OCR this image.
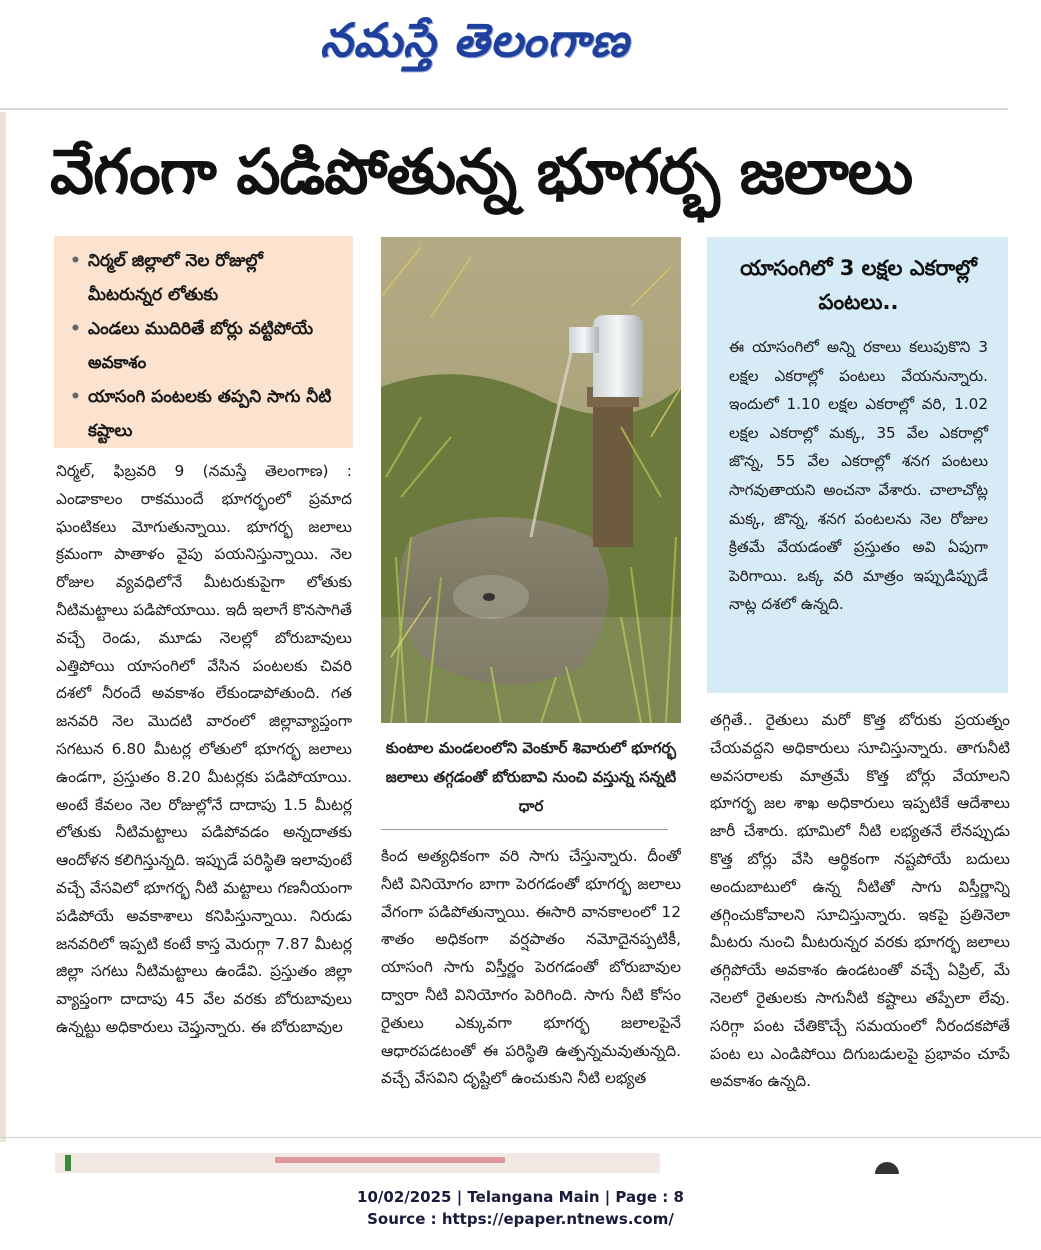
నమస్తే తెలంగాణ
వేగంగా పడిపోతున్న భూగర్భ జలాలు
• నిర్మల్ జిల్లాలో నెల రోజుల్లో మీటరున్నర లోతుకు
• ఎండలు ముదిరితే బోర్లు వట్టిపోయే అవకాశం
• యాసంగి పంటలకు తప్పని సాగు నీటి కష్టాలు
నిర్మల్, ఫిబ్రవరి 9 (నమస్తే తెలంగాణ) : ఎండాకాలం రాకముందే భూగర్భంలో ప్రమాద ఘంటికలు మోగుతున్నాయి. భూగర్భ జలాలు క్రమంగా పాతాళం వైపు పయనిస్తున్నాయి. నెల రోజుల వ్యవధిలోనే మీటరుకుపైగా లోతుకు నీటిమట్టాలు పడిపోయాయి. ఇదీ ఇలాగే కొనసాగితే వచ్చే రెండు, మూడు నెలల్లో బోరుబావులు ఎత్తిపోయి యాసంగిలో వేసిన పంటలకు చివరి దశలో నీరందే అవకాశం లేకుండాపోతుంది. గత జనవరి నెల మొదటి వారంలో జిల్లావ్యాప్తంగా సగటున 6.80 మీటర్ల లోతులో భూగర్భ జలాలు ఉండగా, ప్రస్తుతం 8.20 మీటర్లకు పడిపోయాయి. అంటే కేవలం నెల రోజుల్లోనే దాదాపు 1.5 మీటర్ల లోతుకు నీటిమట్టాలు పడిపోవడం అన్నదాతకు ఆందోళన కలిగిస్తున్నది. ఇప్పుడే పరిస్థితి ఇలావుంటే వచ్చే వేసవిలో భూగర్భ నీటి మట్టాలు గణనీయంగా పడిపోయే అవకాశాలు కనిపిస్తున్నాయి. నిరుడు జనవరిలో ఇప్పటి కంటే కాస్త మెరుగ్గా 7.87 మీటర్ల జిల్లా సగటు నీటిమట్టాలు ఉండేవి. ప్రస్తుతం జిల్లా వ్యాప్తంగా దాదాపు 45 వేల వరకు బోరుబావులు ఉన్నట్టు అధికారులు చెప్తున్నారు. ఈ బోరుబావుల
కుంటాల మండలంలోని వెంకూర్ శివారులో భూగర్భ జలాలు తగ్గడంతో బోరుబావి నుంచి వస్తున్న సన్నటి ధార
కింద అత్యధికంగా వరి సాగు చేస్తున్నారు. దీంతో నీటి వినియోగం బాగా పెరగడంతో భూగర్భ జలాలు వేగంగా పడిపోతున్నాయి. ఈసారి వానకాలంలో 12 శాతం అధికంగా వర్షపాతం నమోదైనప్పటికీ, యాసంగి సాగు విస్తీర్ణం పెరగడంతో బోరుబావుల ద్వారా నీటి వినియోగం పెరిగింది. సాగు నీటి కోసం రైతులు ఎక్కువగా భూగర్భ జలాలపైనే ఆధారపడటంతో ఈ పరిస్థితి ఉత్పన్నమవుతున్నది. వచ్చే వేసవిని దృష్టిలో ఉంచుకుని నీటి లభ్యత
యాసంగిలో 3 లక్షల ఎకరాల్లో పంటలు..
ఈ యాసంగిలో అన్ని రకాలు కలుపుకొని 3 లక్షల ఎకరాల్లో పంటలు వేయనున్నారు. ఇందులో 1.10 లక్షల ఎకరాల్లో వరి, 1.02 లక్షల ఎకరాల్లో మక్క, 35 వేల ఎకరాల్లో జొన్న, 55 వేల ఎకరాల్లో శనగ పంటలు సాగవుతాయని అంచనా వేశారు. చాలాచోట్ల మక్క, జొన్న, శనగ పంటలను నెల రోజుల క్రితమే వేయడంతో ప్రస్తుతం అవి ఏపుగా పెరిగాయి. ఒక్క వరి మాత్రం ఇప్పుడిప్పుడే నాట్ల దశలో ఉన్నది.
తగ్గితే.. రైతులు మరో కొత్త బోరుకు ప్రయత్నం చేయవద్దని అధికారులు సూచిస్తున్నారు. తాగునీటి అవసరాలకు మాత్రమే కొత్త బోర్లు వేయాలని భూగర్భ జల శాఖ అధికారులు ఇప్పటికే ఆదేశాలు జారీ చేశారు. భూమిలో నీటి లభ్యతనే లేనప్పుడు కొత్త బోర్లు వేసి ఆర్థికంగా నష్టపోయే బదులు అందుబాటులో ఉన్న నీటితో సాగు విస్తీర్ణాన్ని తగ్గించుకోవాలని సూచిస్తున్నారు. ఇకపై ప్రతినెలా మీటరు నుంచి మీటరున్నర వరకు భూగర్భ జలాలు తగ్గిపోయే అవకాశం ఉండటంతో వచ్చే ఏప్రిల్, మే నెలలో రైతులకు సాగునీటి కష్టాలు తప్పేలా లేవు. సరిగ్గా పంట చేతికొచ్చే సమయంలో నీరందకపోతే పంట లు ఎండిపోయి దిగుబడులపై ప్రభావం చూపే అవకాశం ఉన్నది.
10/02/2025 | Telangana Main | Page : 8
Source : https://epaper.ntnews.com/
